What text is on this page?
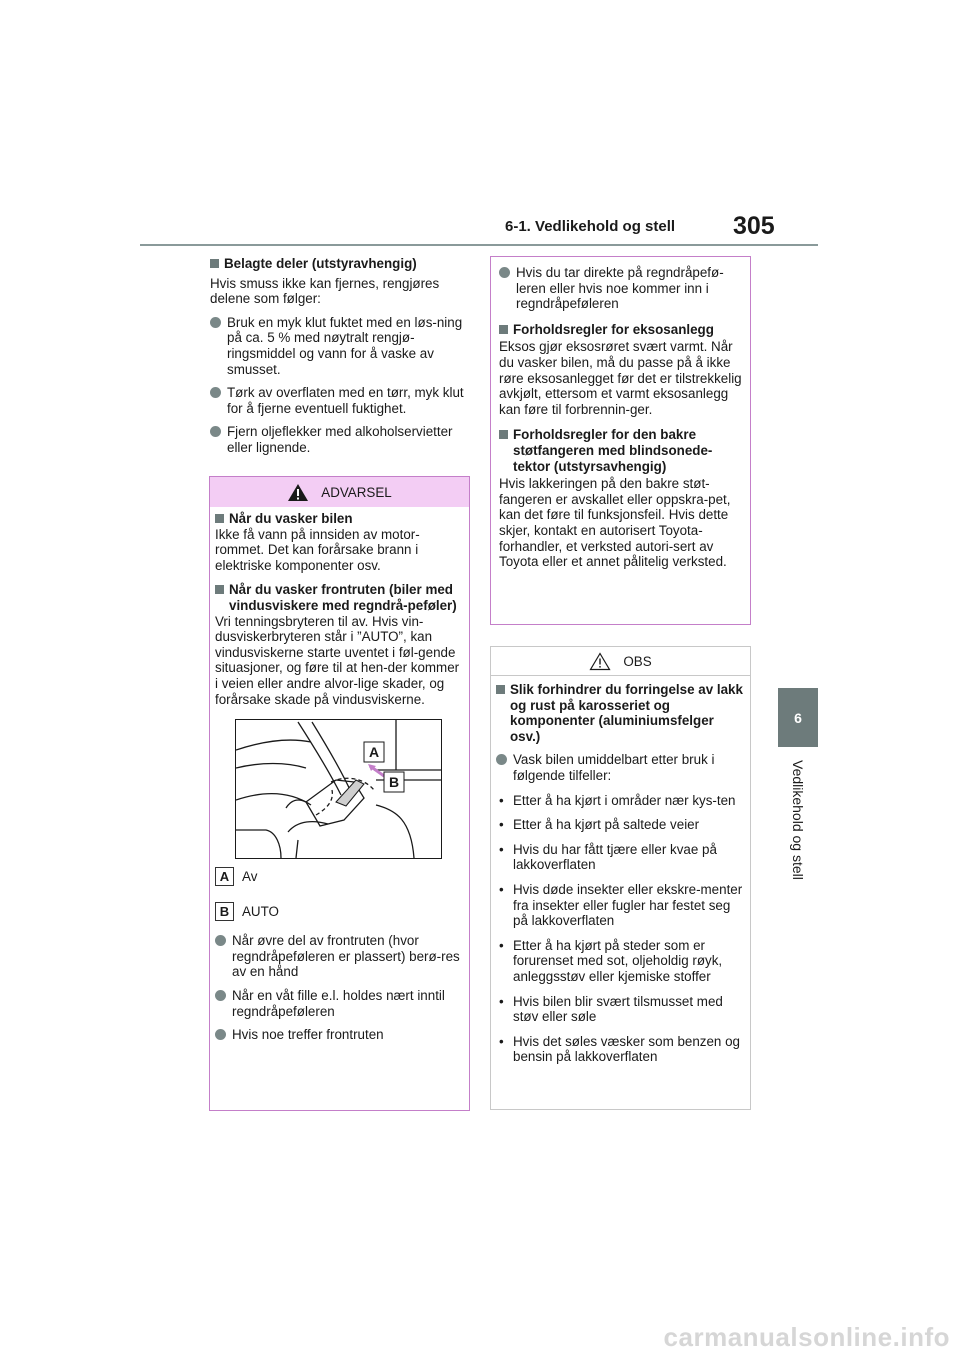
6-1. Vedlikehold og stell 305
6
Vedlikehold og stell
Belagte deler (utstyravhengig)

Hvis smuss ikke kan fjernes, rengjøres delene som følger:

Bruk en myk klut fuktet med en løs-ning på ca. 5 % med nøytralt rengjø-ringsmiddel og vann for å vaske av smusset.
Tørk av overflaten med en tørr, myk klut for å fjerne eventuell fuktighet.
Fjern oljeflekker med alkoholservietter eller lignende.
ADVARSEL
Når du vasker bilen

Ikke få vann på innsiden av motor-rommet. Det kan forårsake brann i elektriske komponenter osv.

Når du vasker frontruten (biler med vindusviskere med regndrå-peføler)

Vri tenningsbryteren til av. Hvis vin-dusviskerbryteren står i ”AUTO”, kan vindusviskerne starte uventet i føl-gende situasjoner, og føre til at hen-der kommer i veien eller andre alvor-lige skader, og forårsake skade på vindusviskerne.

A
B
A Av
B AUTO
Når øvre del av frontruten (hvor regndråpeføleren er plassert) berø-res av en hånd
Når en våt fille e.l. holdes nært inntil regndråpeføleren
Hvis noe treffer frontruten
Hvis du tar direkte på regndråpefø-leren eller hvis noe kommer inn i regndråpeføleren
Forholdsregler for eksosanlegg

Eksos gjør eksosrøret svært varmt. Når du vasker bilen, må du passe på å ikke røre eksosanlegget før det er tilstrekkelig avkjølt, ettersom et varmt eksosanlegg kan føre til forbrennin-ger.

Forholdsregler for den bakre støtfangeren med blindsonede-tektor (utstyrsavhengig)

Hvis lakkeringen på den bakre støt-fangeren er avskallet eller oppskra-pet, kan det føre til funksjonsfeil. Hvis dette skjer, kontakt en autorisert Toyota-forhandler, et verksted autori-sert av Toyota eller et annet pålitelig verksted.

OBS
Slik forhindrer du forringelse av lakk og rust på karosseriet og komponenter (aluminiumsfelger osv.)
Vask bilen umiddelbart etter bruk i følgende tilfeller:
• Etter å ha kjørt i områder nær kys-ten
• Etter å ha kjørt på saltede veier
• Hvis du har fått tjære eller kvae på lakkoverflaten
• Hvis døde insekter eller ekskre-menter fra insekter eller fugler har festet seg på lakkoverflaten
• Etter å ha kjørt på steder som er forurenset med sot, oljeholdig røyk, anleggsstøv eller kjemiske stoffer
• Hvis bilen blir svært tilsmusset med støv eller søle
• Hvis det søles væsker som benzen og bensin på lakkoverflaten
carmanualsonline.info
